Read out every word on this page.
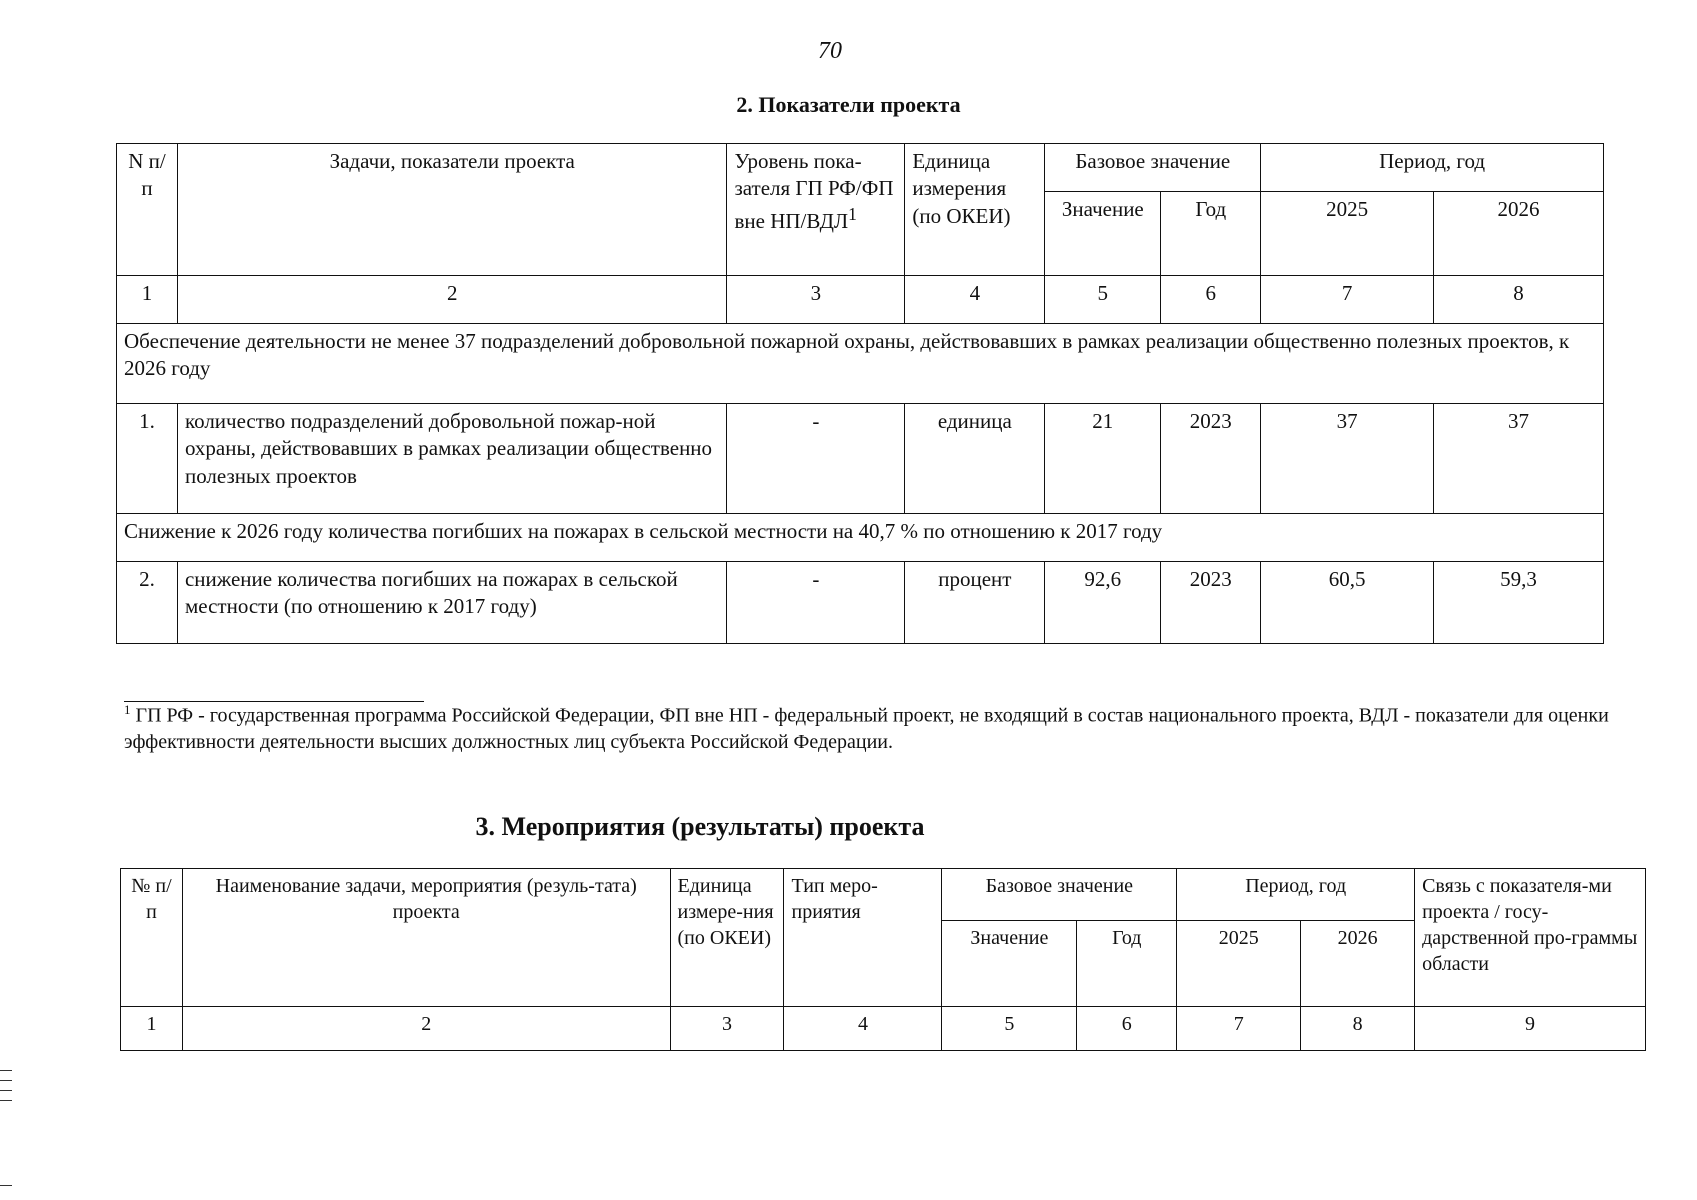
70
2. Показатели проекта
N п/п	Задачи, показатели проекта	Уровень пока-зателя ГП РФ/ФП вне НП/ВДЛ$^1$	Единица измерения (по ОКЕИ)	Базовое значение		Период, год	
				Значение	Год	2025	2026
1	2	3	4	5	6	7	8
Обеспечение деятельности не менее 37 подразделений добровольной пожарной охраны, действовавших в рамках реализации общественно полезных проектов, к 2026 году							
1.	количество подразделений добровольной пожар-ной охраны, действовавших в рамках реализации общественно полезных проектов	-	единица	21	2023	37	37
Снижение к 2026 году количества погибших на пожарах в сельской местности на 40,7 % по отношению к 2017 году							
2.	снижение количества погибших на пожарах в сельской местности (по отношению к 2017 году)	-	процент	92,6	2023	60,5	59,3
$^1$ ГП РФ - государственная программа Российской Федерации, ФП вне НП - федеральный проект, не входящий в состав национального проекта, ВДЛ - показатели для оценки эффективности деятельности высших должностных лиц субъекта Российской Федерации.
3. Мероприятия (результаты) проекта
№ п/п	Наименование задачи, мероприятия (резуль-тата) проекта	Единица измере-ния (по ОКЕИ)	Тип меро-приятия	Базовое значение		Период, год		Связь с показателя-ми проекта / госу-дарственной про-граммы области
				Значение	Год	2025	2026	
1	2	3	4	5	6	7	8	9
